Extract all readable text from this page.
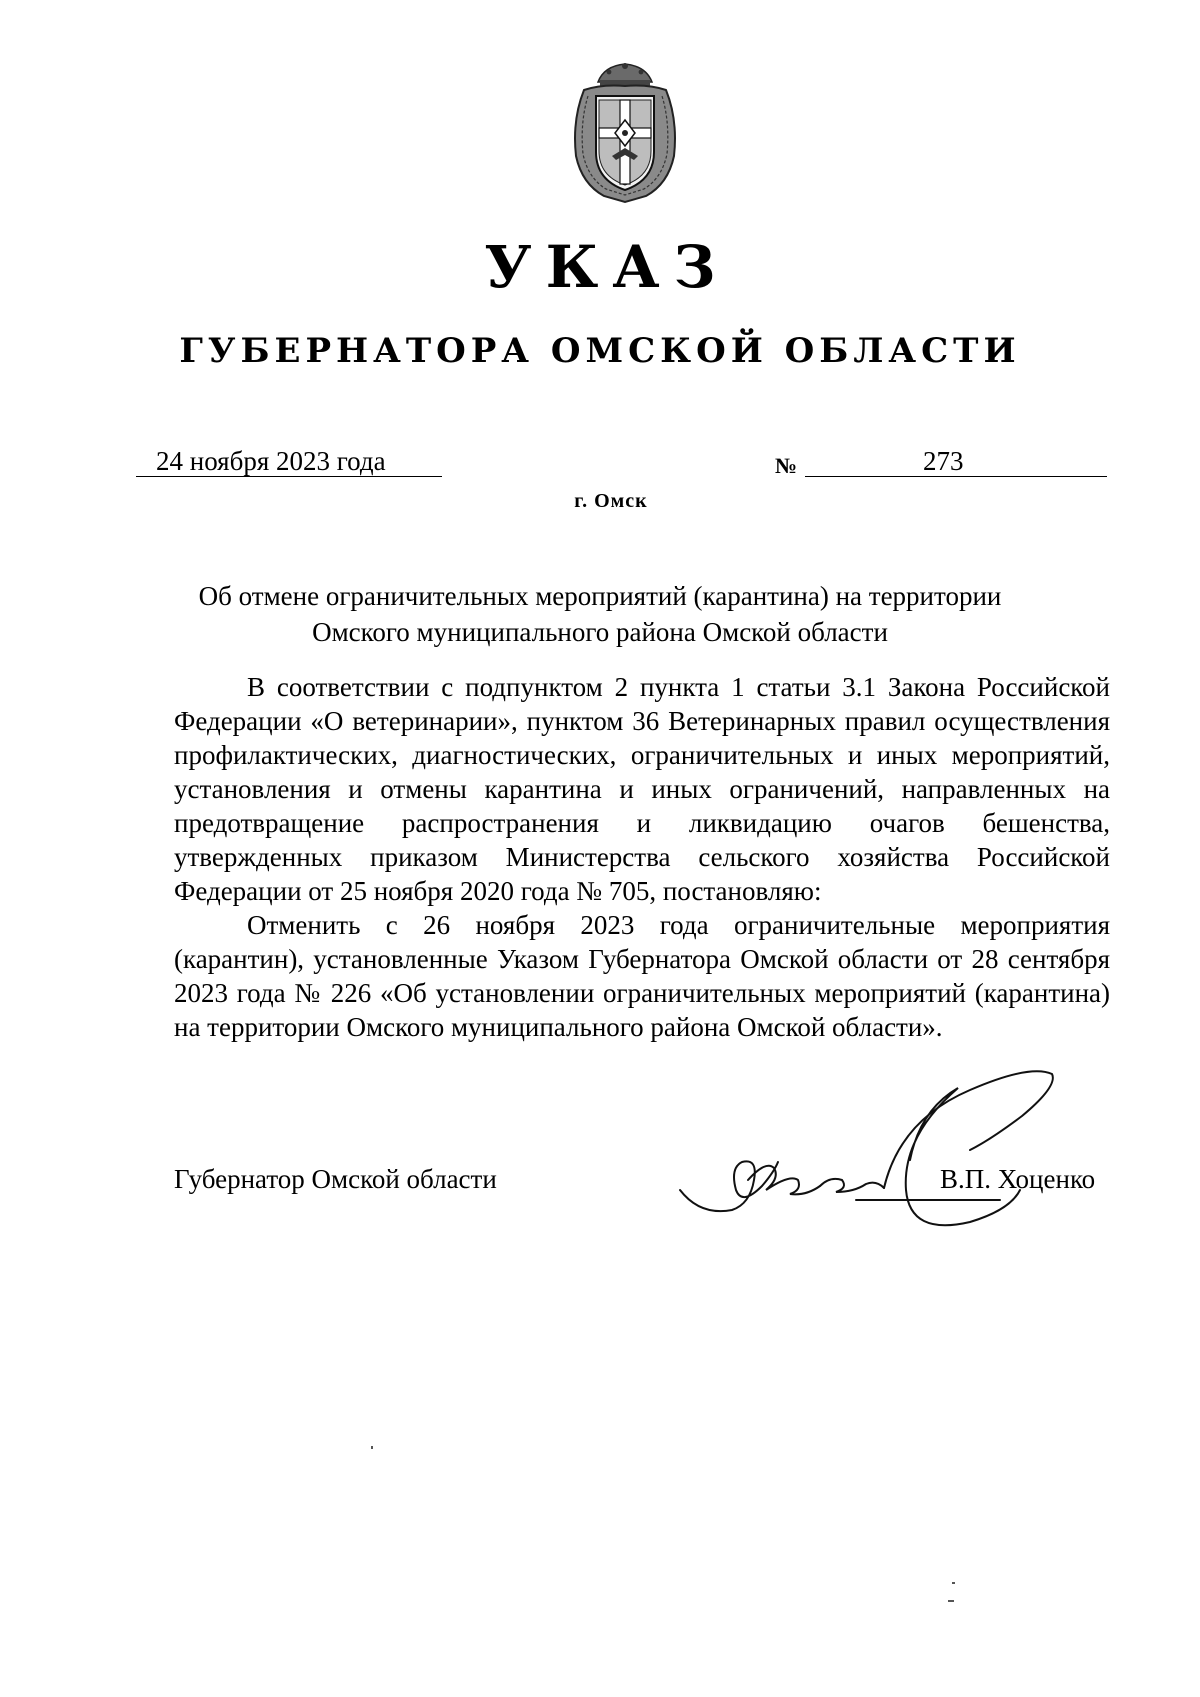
УКАЗ
ГУБЕРНАТОРА ОМСКОЙ ОБЛАСТИ
24 ноября 2023 года	№	273
г. Омск
Об отмене ограничительных мероприятий (карантина) на территории
Омского муниципального района Омской области

В соответствии с подпунктом 2 пункта 1 статьи 3.1 Закона Российской Федерации «О ветеринарии», пунктом 36 Ветеринарных правил осуществления профилактических, диагностических, ограничительных и иных мероприятий, установления и отмены карантина и иных ограничений, направленных на предотвращение распространения и ликвидацию очагов бешенства, утвержденных приказом Министерства сельского хозяйства Российской Федерации от 25 ноября 2020 года № 705, постановляю:

Отменить с 26 ноября 2023 года ограничительные мероприятия (карантин), установленные Указом Губернатора Омской области от 28 сентября 2023 года № 226 «Об установлении ограничительных мероприятий (карантина) на территории Омского муниципального района Омской области».

Губернатор Омской области	В.П. Хоценко
